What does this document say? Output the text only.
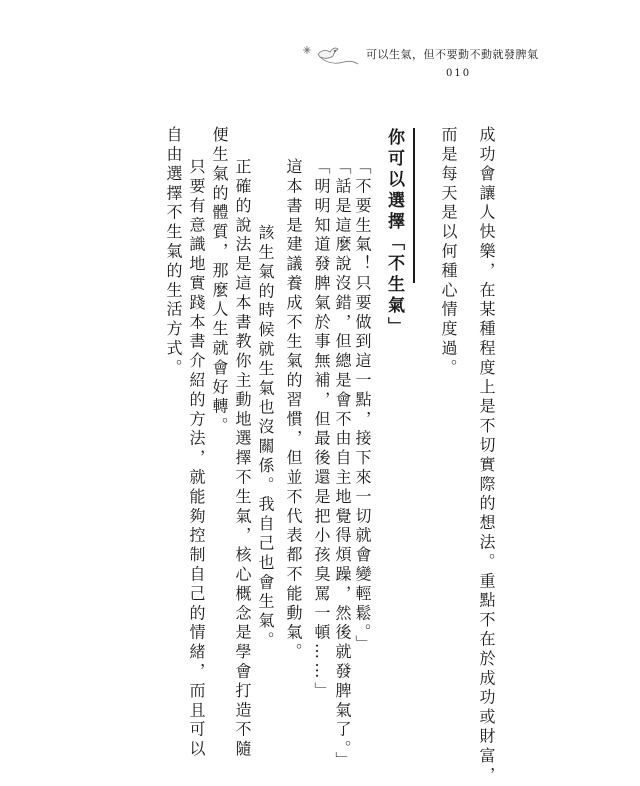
可以生氣，但不要動不動就發脾氣
010
成功會讓人快樂，在某種程度上是不切實際的想法。重點不在於成功或財富，
而是每天是以何種心情度過。
你可以選擇「不生氣」
「不要生氣！只要做到這一點，接下來一切就會變輕鬆。」
「話是這麼說沒錯，但總是會不由自主地覺得煩躁，然後就發脾氣了。」
「明明知道發脾氣於事無補，但最後還是把小孩臭罵一頓……」
這本書是建議養成不生氣的習慣，但並不代表都不能動氣。
該生氣的時候就生氣也沒關係。我自己也會生氣。
正確的說法是這本書教你主動地選擇不生氣，核心概念是學會打造不隨
便生氣的體質，那麼人生就會好轉。
只要有意識地實踐本書介紹的方法，就能夠控制自己的情緒，而且可以
自由選擇不生氣的生活方式。
